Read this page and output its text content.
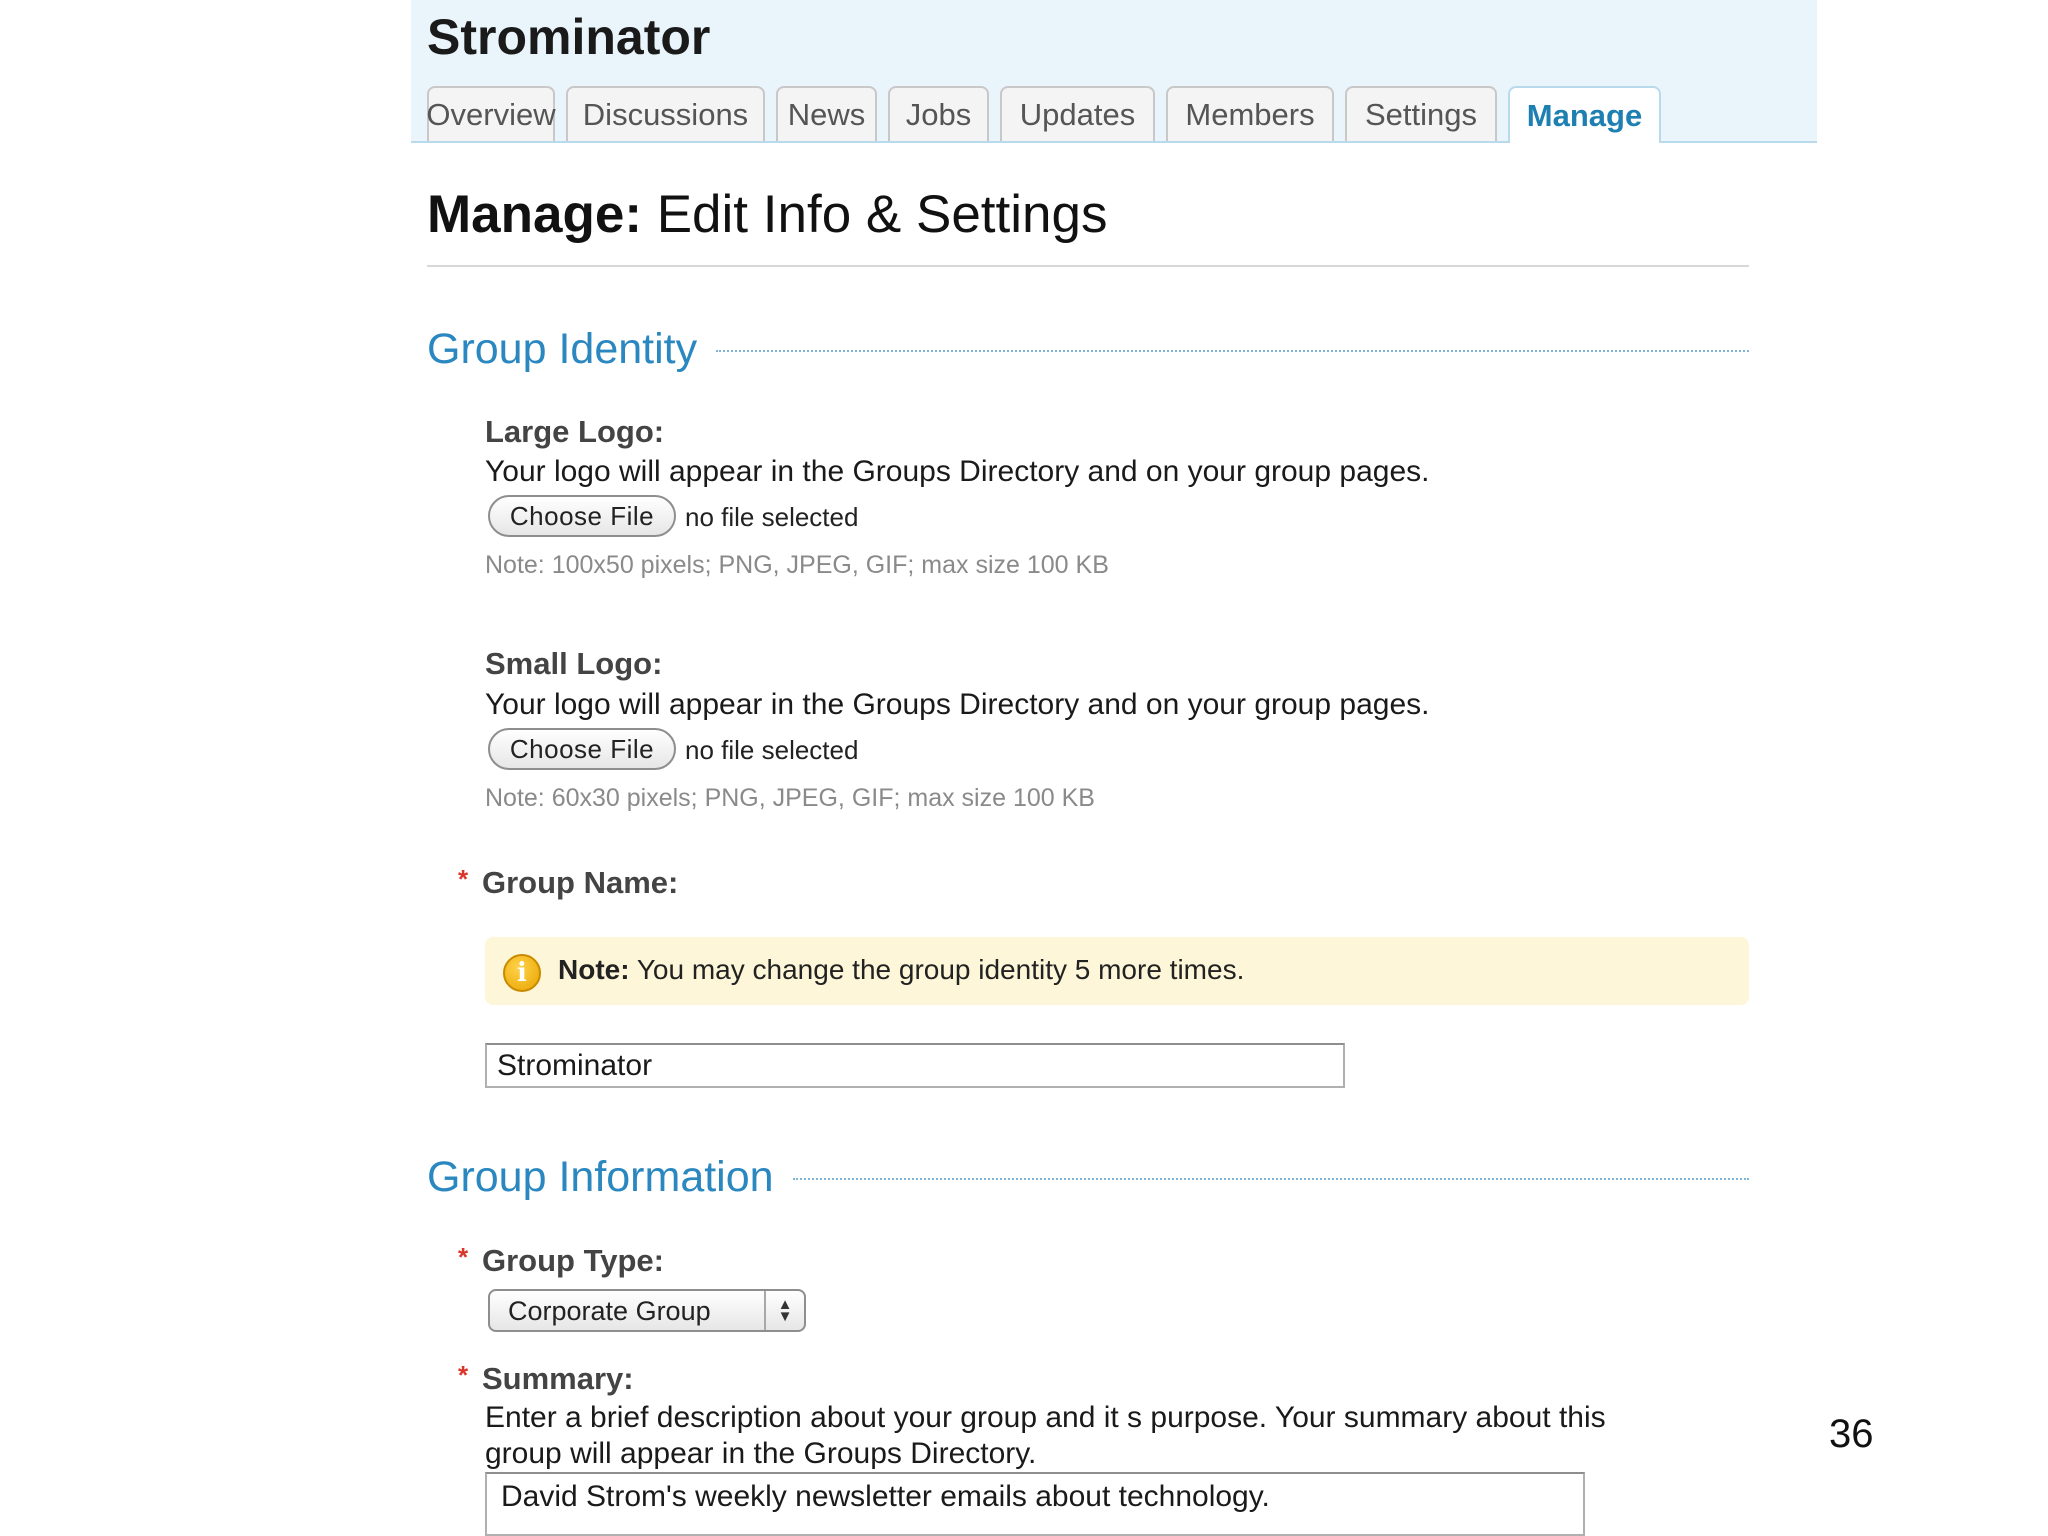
Strominator
Overview Discussions	News	Jobs	Updates	Members	Settings	Manage
Manage: Edit Info & Settings
Group Identity
Large Logo:
Your logo will appear in the Groups Directory and on your group pages.
Choose File	no file selected
Note: 100x50 pixels; PNG, JPEG, GIF; max size 100 KB
Small Logo:
Your logo will appear in the Groups Directory and on your group pages.
Choose File	no file selected
Note: 60x30 pixels; PNG, JPEG, GIF; max size 100 KB
* Group Name:
i	Note: You may change the group identity 5 more times.
Strominator
Group Information
* Group Type:
Corporate Group	▲
▼
* Summary:
Enter a brief description about your group and it s purpose. Your summary about this
group will appear in the Groups Directory.
David Strom's weekly newsletter emails about technology.	36
